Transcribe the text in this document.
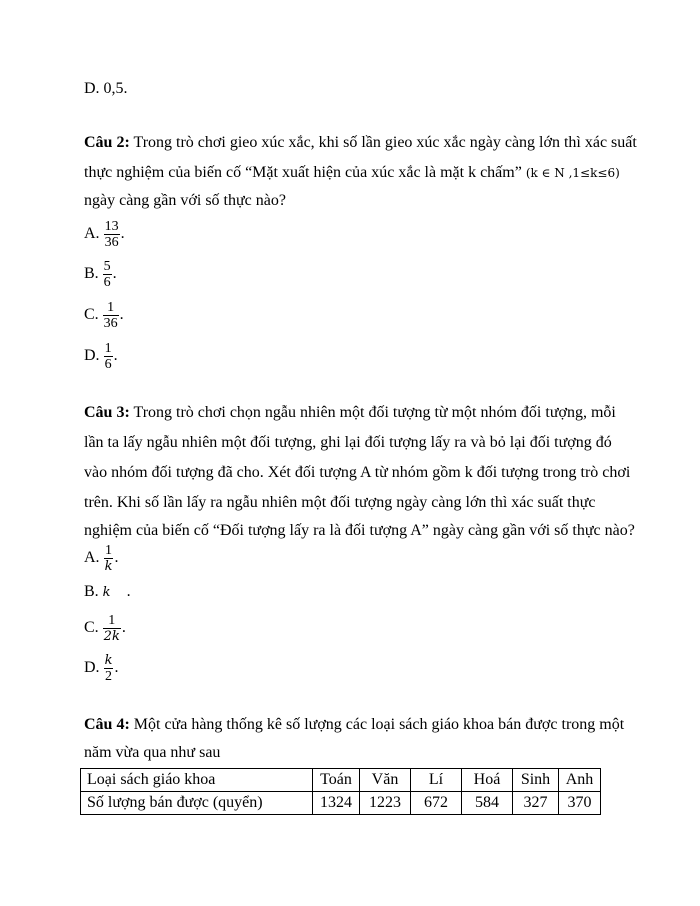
D. 0,5.
Câu 2: Trong trò chơi gieo xúc xắc, khi số lần gieo xúc xắc ngày càng lớn thì xác suất
thực nghiệm của biến cố “Mặt xuất hiện của xúc xắc là mặt k chấm” (k ∈ N ,1≤k≤6)
ngày càng gần với số thực nào?
A. $\frac{13}{36}$ .
B. $\frac{5}{6}$ .
C. $\frac{1}{36}$ .
D. $\frac{1}{6}$ .
Câu 3: Trong trò chơi chọn ngẫu nhiên một đối tượng từ một nhóm đối tượng, mỗi
lần ta lấy ngẫu nhiên một đối tượng, ghi lại đối tượng lấy ra và bỏ lại đối tượng đó
vào nhóm đối tượng đã cho. Xét đối tượng A từ nhóm gồm k đối tượng trong trò chơi
trên. Khi số lần lấy ra ngẫu nhiên một đối tượng ngày càng lớn thì xác suất thực
nghiệm của biến cố “Đối tượng lấy ra là đối tượng A” ngày càng gần với số thực nào?
A. $\frac{1}{k}$ .
B. k .
C. $\frac{1}{2k}$ .
D. $\frac{k}{2}$ .
Câu 4: Một cửa hàng thống kê số lượng các loại sách giáo khoa bán được trong một
năm vừa qua như sau
Loại sách giáo khoa	Toán	Văn	Lí	Hoá	Sinh	Anh
Số lượng bán được (quyển)	1324	1223	672	584	327	370
